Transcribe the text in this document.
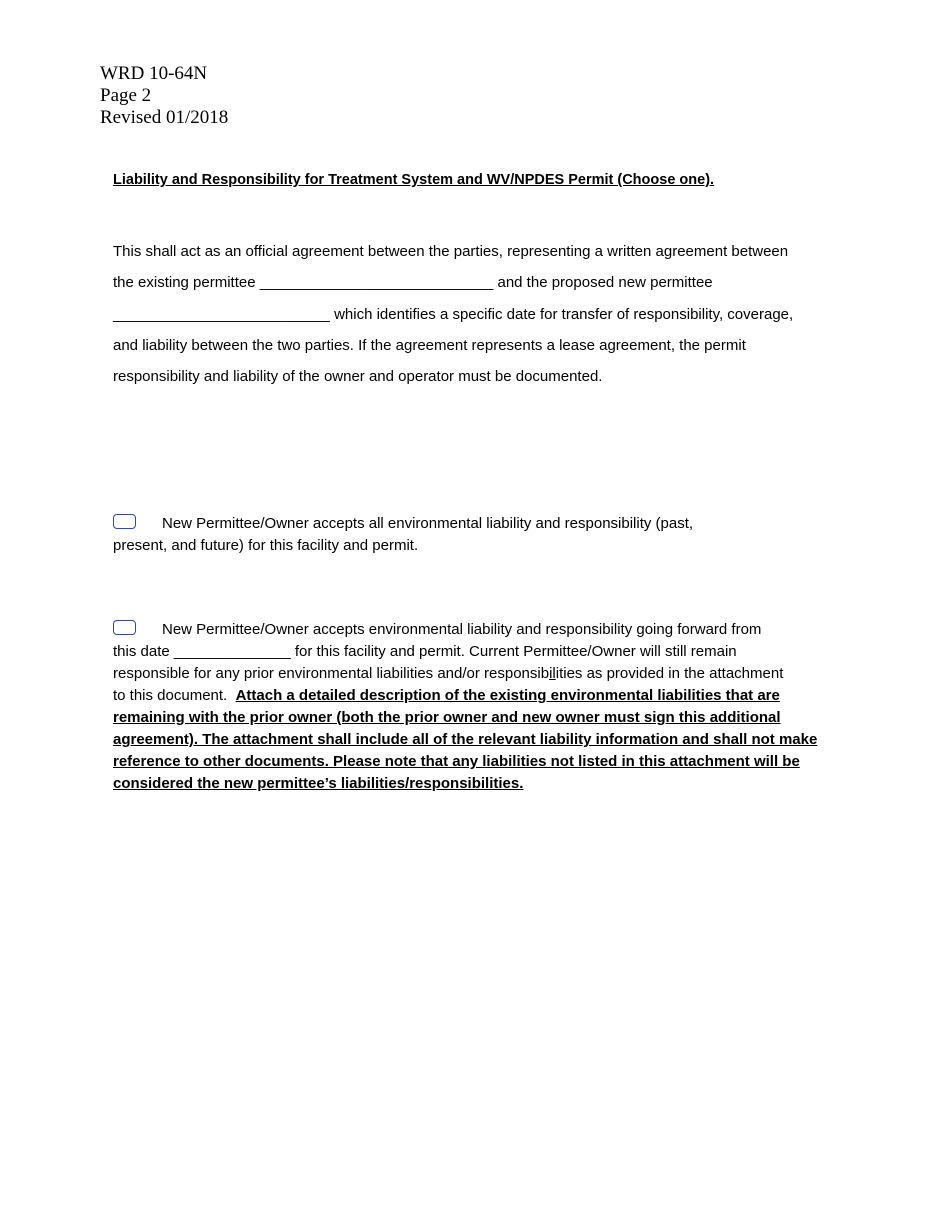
WRD 10-64N
Page 2
Revised 01/2018
Liability and Responsibility for Treatment System and WV/NPDES Permit (Choose one).
This shall act as an official agreement between the parties, representing a written agreement between
the existing permittee ____________________________ and the proposed new permittee
__________________________ which identifies a specific date for transfer of responsibility, coverage,
and liability between the two parties. If the agreement represents a lease agreement, the permit
responsibility and liability of the owner and operator must be documented.
New Permittee/Owner accepts all environmental liability and responsibility (past,
present, and future) for this facility and permit.
New Permittee/Owner accepts environmental liability and responsibility going forward from
this date ______________ for this facility and permit. Current Permittee/Owner will still remain
responsible for any prior environmental liabilities and/or responsibilities as provided in the attachment
to this document.  Attach a detailed description of the existing environmental liabilities that are
remaining with the prior owner (both the prior owner and new owner must sign this additional
agreement). The attachment shall include all of the relevant liability information and shall not make
reference to other documents. Please note that any liabilities not listed in this attachment will be
considered the new permittee’s liabilities/responsibilities.
